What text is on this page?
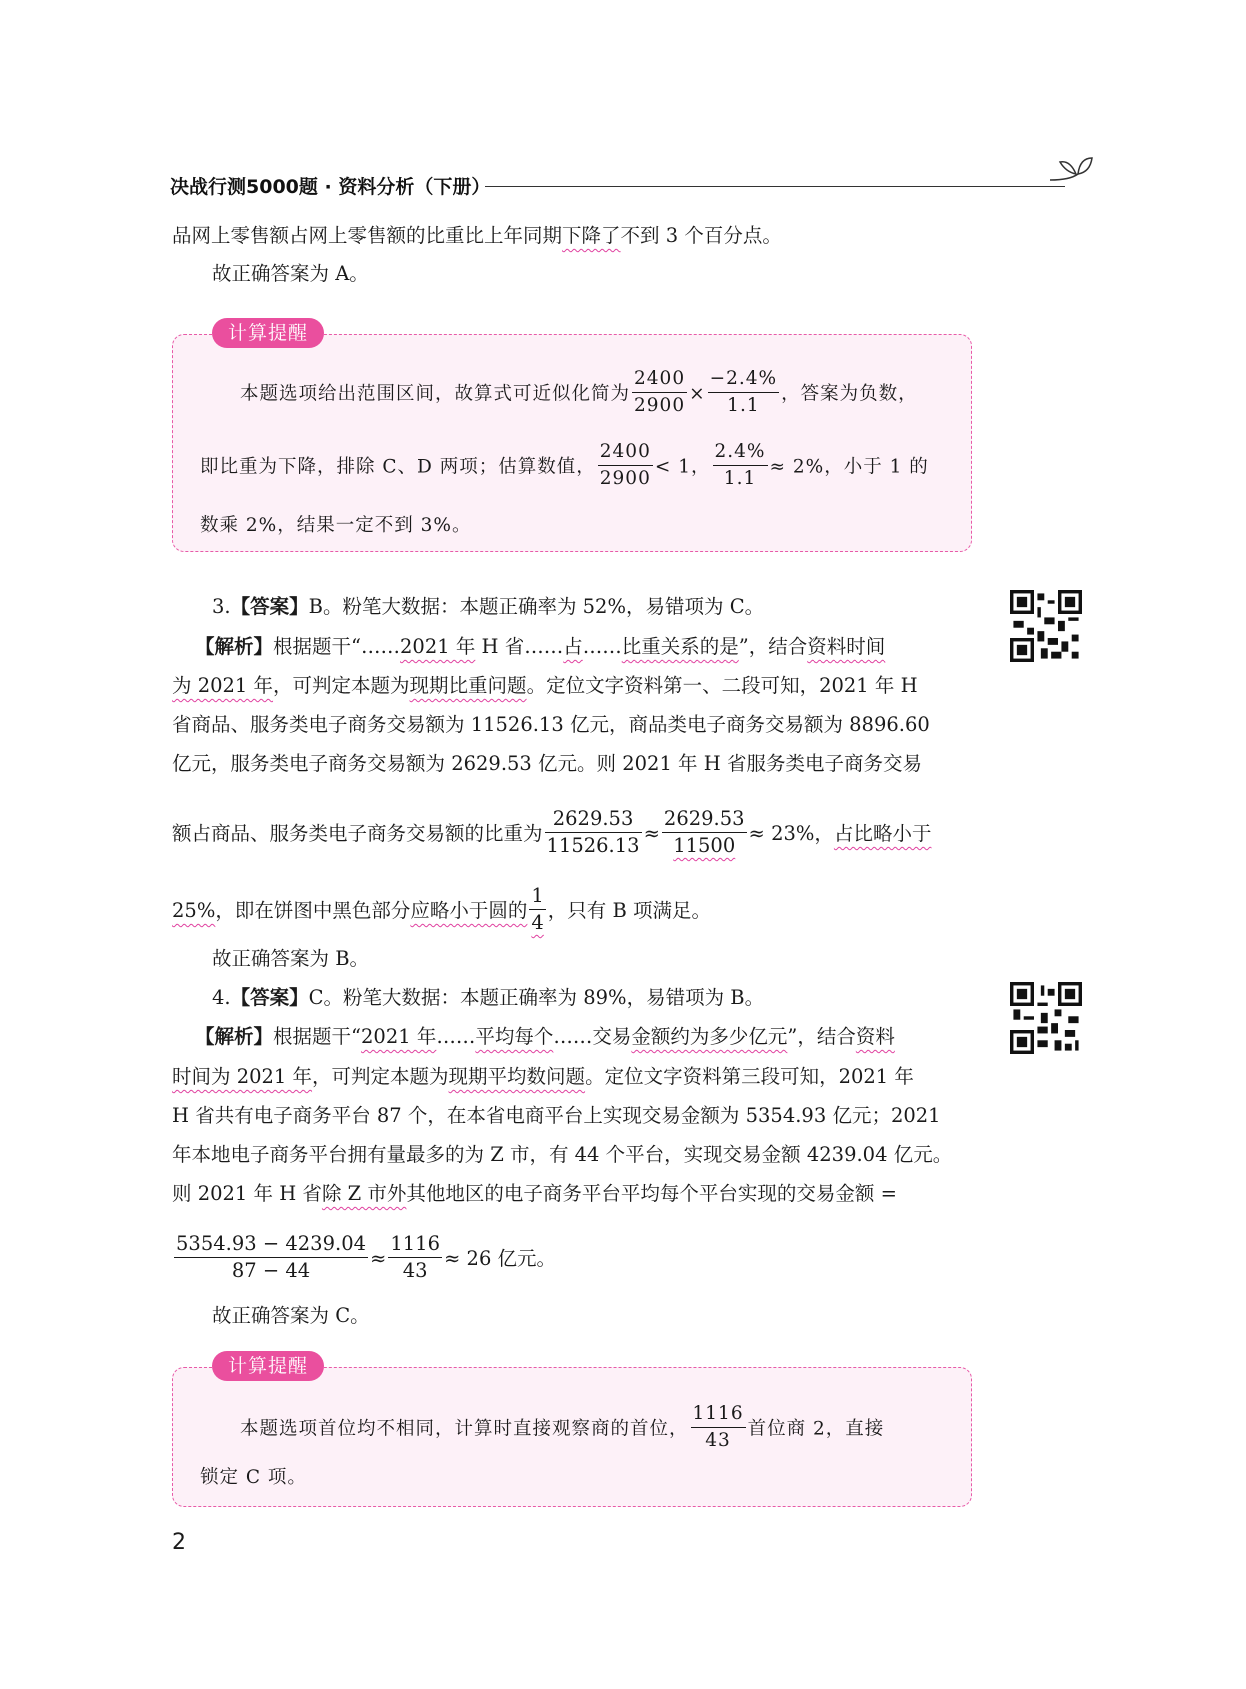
决战行测5000题 · 资料分析（下册）
品网上零售额占网上零售额的比重比上年同期下降了不到 3 个百分点。
故正确答案为 A。
计算提醒
本题选项给出范围区间，故算式可近似化简为 $\frac{2400}{2900} \times \frac{-2.4\%}{1.1}$ ，答案为负数，
即比重为下降，排除 C、D 两项；估算数值， $\frac{2400}{2900} < 1$， $\frac{2.4\%}{1.1} \approx 2\%$，小于 1 的
数乘 2%，结果一定不到 3%。
3.【答案】B。粉笔大数据：本题正确率为 52%，易错项为 C。
【解析】根据题干“……2021 年 H 省……占……比重关系的是”，结合资料时间
为 2021 年，可判定本题为现期比重问题。定位文字资料第一、二段可知，2021 年 H
省商品、服务类电子商务交易额为 11526.13 亿元，商品类电子商务交易额为 8896.60
亿元，服务类电子商务交易额为 2629.53 亿元。则 2021 年 H 省服务类电子商务交易
额占商品、服务类电子商务交易额的比重为 $\frac{2629.53}{11526.13} \approx \frac{2629.53}{11500} \approx 23\%$，占比略小于
25%，即在饼图中黑色部分应略小于圆的 $\frac{1}{4}$ ，只有 B 项满足。
故正确答案为 B。
4.【答案】C。粉笔大数据：本题正确率为 89%，易错项为 B。
【解析】根据题干“2021 年……平均每个……交易金额约为多少亿元”，结合资料
时间为 2021 年，可判定本题为现期平均数问题。定位文字资料第三段可知，2021 年
H 省共有电子商务平台 87 个，在本省电商平台上实现交易金额为 5354.93 亿元；2021
年本地电子商务平台拥有量最多的为 Z 市，有 44 个平台，实现交易金额 4239.04 亿元。
则 2021 年 H 省除 Z 市外其他地区的电子商务平台平均每个平台实现的交易金额 =
$\frac{5354.93 - 4239.04}{87 - 44} \approx \frac{1116}{43} \approx 26$ 亿元。
故正确答案为 C。
计算提醒
本题选项首位均不相同，计算时直接观察商的首位， $\frac{1116}{43}$ 首位商 2，直接
锁定 C 项。
2
